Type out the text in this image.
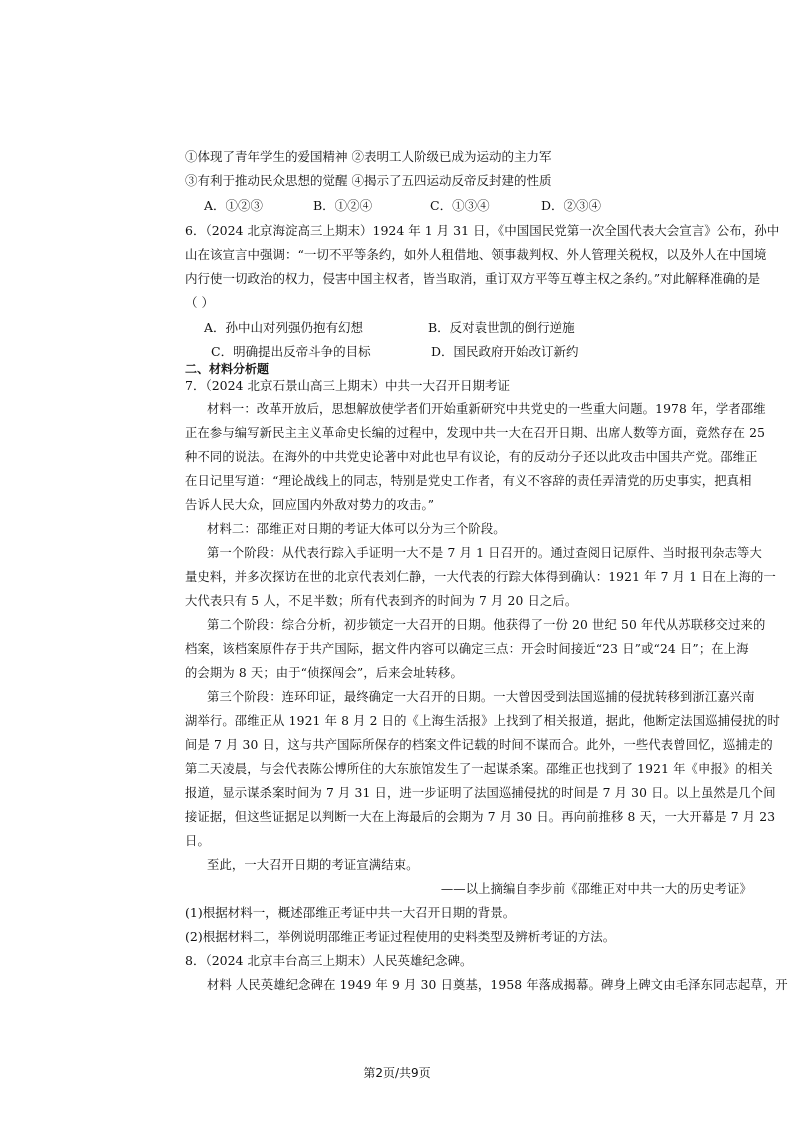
①体现了青年学生的爱国精神 ②表明工人阶级已成为运动的主力军
③有利于推动民众思想的觉醒 ④揭示了五四运动反帝反封建的性质
A．①②③	B．①②④	C．①③④	D．②③④
6．（2024 北京海淀高三上期末）1924 年 1 月 31 日，《中国国民党第一次全国代表大会宣言》公布，孙中
山在该宣言中强调：“一切不平等条约，如外人租借地、领事裁判权、外人管理关税权，以及外人在中国境
内行使一切政治的权力，侵害中国主权者，皆当取消，重订双方平等互尊主权之条约。”对此解释准确的是
（ ）
A．孙中山对列强仍抱有幻想	B．反对袁世凯的倒行逆施
C．明确提出反帝斗争的目标	D．国民政府开始改订新约
二、材料分析题
7．（2024 北京石景山高三上期末）中共一大召开日期考证
材料一：改革开放后，思想解放使学者们开始重新研究中共党史的一些重大问题。1978 年，学者邵维
正在参与编写新民主主义革命史长编的过程中，发现中共一大在召开日期、出席人数等方面，竟然存在 25
种不同的说法。在海外的中共党史论著中对此也早有议论，有的反动分子还以此攻击中国共产党。邵维正
在日记里写道：“理论战线上的同志，特别是党史工作者，有义不容辞的责任弄清党的历史事实，把真相
告诉人民大众，回应国内外敌对势力的攻击。”
材料二：邵维正对日期的考证大体可以分为三个阶段。
第一个阶段：从代表行踪入手证明一大不是 7 月 1 日召开的。通过查阅日记原件、当时报刊杂志等大
量史料，并多次探访在世的北京代表刘仁静，一大代表的行踪大体得到确认：1921 年 7 月 1 日在上海的一
大代表只有 5 人，不足半数；所有代表到齐的时间为 7 月 20 日之后。
第二个阶段：综合分析，初步锁定一大召开的日期。他获得了一份 20 世纪 50 年代从苏联移交过来的
档案，该档案原件存于共产国际，据文件内容可以确定三点：开会时间接近“23 日”或“24 日”；在上海
的会期为 8 天；由于“侦探闯会”，后来会址转移。
第三个阶段：连环印证，最终确定一大召开的日期。一大曾因受到法国巡捕的侵扰转移到浙江嘉兴南
湖举行。邵维正从 1921 年 8 月 2 日的《上海生活报》上找到了相关报道，据此，他断定法国巡捕侵扰的时
间是 7 月 30 日，这与共产国际所保存的档案文件记载的时间不谋而合。此外，一些代表曾回忆，巡捕走的
第二天凌晨，与会代表陈公博所住的大东旅馆发生了一起谋杀案。邵维正也找到了 1921 年《申报》的相关
报道，显示谋杀案时间为 7 月 31 日，进一步证明了法国巡捕侵扰的时间是 7 月 30 日。以上虽然是几个间
接证据，但这些证据足以判断一大在上海最后的会期为 7 月 30 日。再向前推移 8 天，一大开幕是 7 月 23
日。
至此，一大召开日期的考证宣满结束。
——以上摘编自李步前《邵维正对中共一大的历史考证》
(1)根据材料一，概述邵维正考证中共一大召开日期的背景。
(2)根据材料二，举例说明邵维正考证过程使用的史料类型及辨析考证的方法。
8．（2024 北京丰台高三上期末）人民英雄纪念碑。
材料 人民英雄纪念碑在 1949 年 9 月 30 日奠基，1958 年落成揭幕。碑身上碑文由毛泽东同志起草，开
第2页/共9页
